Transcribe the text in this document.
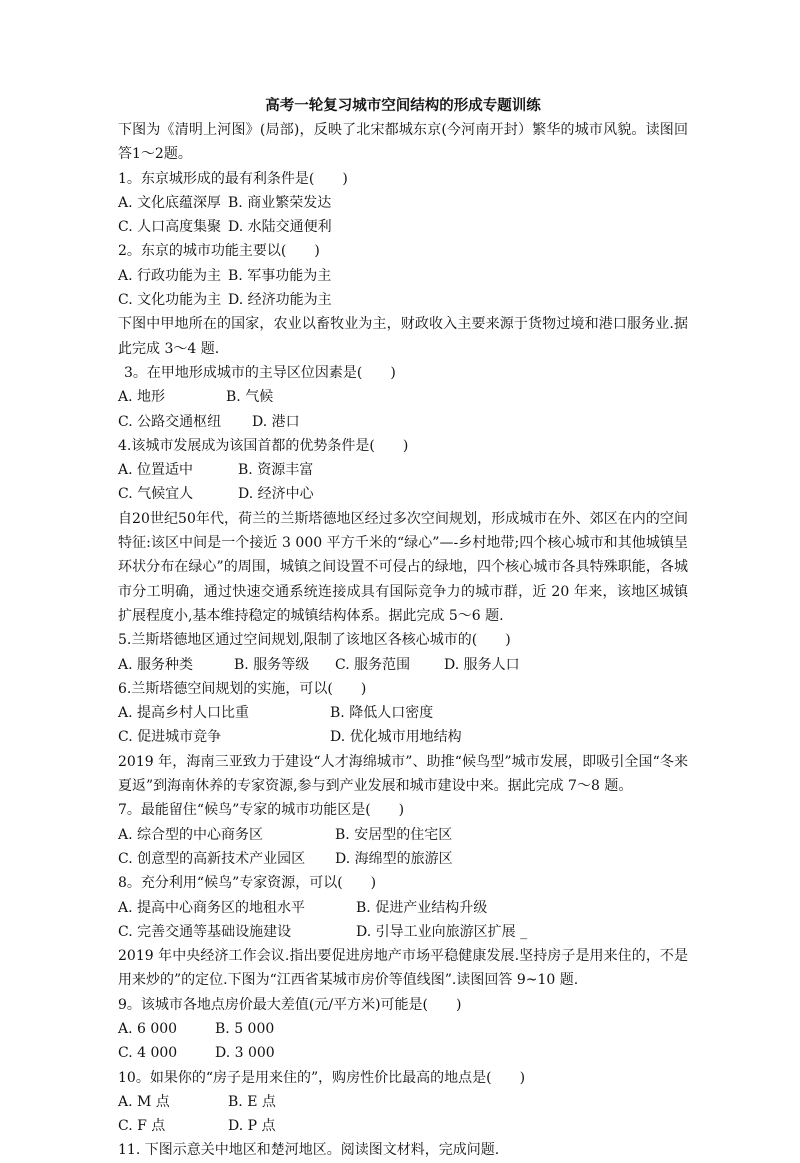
高考一轮复习城市空间结构的形成专题训练

下图为《清明上河图》(局部)，反映了北宋都城东京(今河南开封）繁华的城市风貌。读图回答1～2题。

1。东京城形成的最有利条件是(　　)

A. 文化底蕴深厚 B. 商业繁荣发达
C. 人口高度集聚 D. 水陆交通便利

2。东京的城市功能主要以(　　)

A. 行政功能为主 B. 军事功能为主
C. 文化功能为主 D. 经济功能为主

下图中甲地所在的国家，农业以畜牧业为主，财政收入主要来源于货物过境和港口服务业.据此完成 3～4 题.

3。在甲地形成城市的主导区位因素是(　　)

A. 地形	B. 气候
C. 公路交通枢纽	D. 港口

4.该城市发展成为该国首都的优势条件是(　　)

A. 位置适中	B. 资源丰富
C. 气候宜人	D. 经济中心

自20世纪50年代，荷兰的兰斯塔德地区经过多次空间规划，形成城市在外、郊区在内的空间特征:该区中间是一个接近 3 000 平方千米的“绿心”—-乡村地带;四个核心城市和其他城镇呈环状分布在绿心”的周围，城镇之间设置不可侵占的绿地，四个核心城市各具特殊职能，各城市分工明确，通过快速交通系统连接成具有国际竞争力的城市群，近 20 年来，该地区城镇扩展程度小,基本维持稳定的城镇结构体系。据此完成 5～6 题.

5.兰斯塔德地区通过空间规划,限制了该地区各核心城市的(　　)

A. 服务种类	B. 服务等级	C. 服务范围	D. 服务人口

6.兰斯塔德空间规划的实施，可以(　　)

A. 提高乡村人口比重	B. 降低人口密度
C. 促进城市竞争	D. 优化城市用地结构

2019 年，海南三亚致力于建设“人才海绵城市”、助推“候鸟型”城市发展，即吸引全国“冬来夏返”到海南休养的专家资源,参与到产业发展和城市建设中来。据此完成 7～8 题。

7。最能留住“候鸟”专家的城市功能区是(　　)

A. 综合型的中心商务区	B. 安居型的住宅区
C. 创意型的高新技术产业园区	D. 海绵型的旅游区

8。充分利用“候鸟”专家资源，可以(　　)

A. 提高中心商务区的地租水平	B. 促进产业结构升级
C. 完善交通等基础设施建设	D. 引导工业向旅游区扩展 _

2019 年中央经济工作会议.指出要促进房地产市场平稳健康发展.坚持房子是用来住的，不是用来炒的”的定位.下图为“江西省某城市房价等值线图”.读图回答 9~10 题.

9。该城市各地点房价最大差值(元/平方米)可能是(　　)

A. 6 000	B. 5 000
C. 4 000	D. 3 000

10。如果你的“房子是用来住的”，购房性价比最高的地点是(　　)

A. M 点	B. E 点
C. F 点	D. P 点

11. 下图示意关中地区和楚河地区。阅读图文材料，完成问题.
